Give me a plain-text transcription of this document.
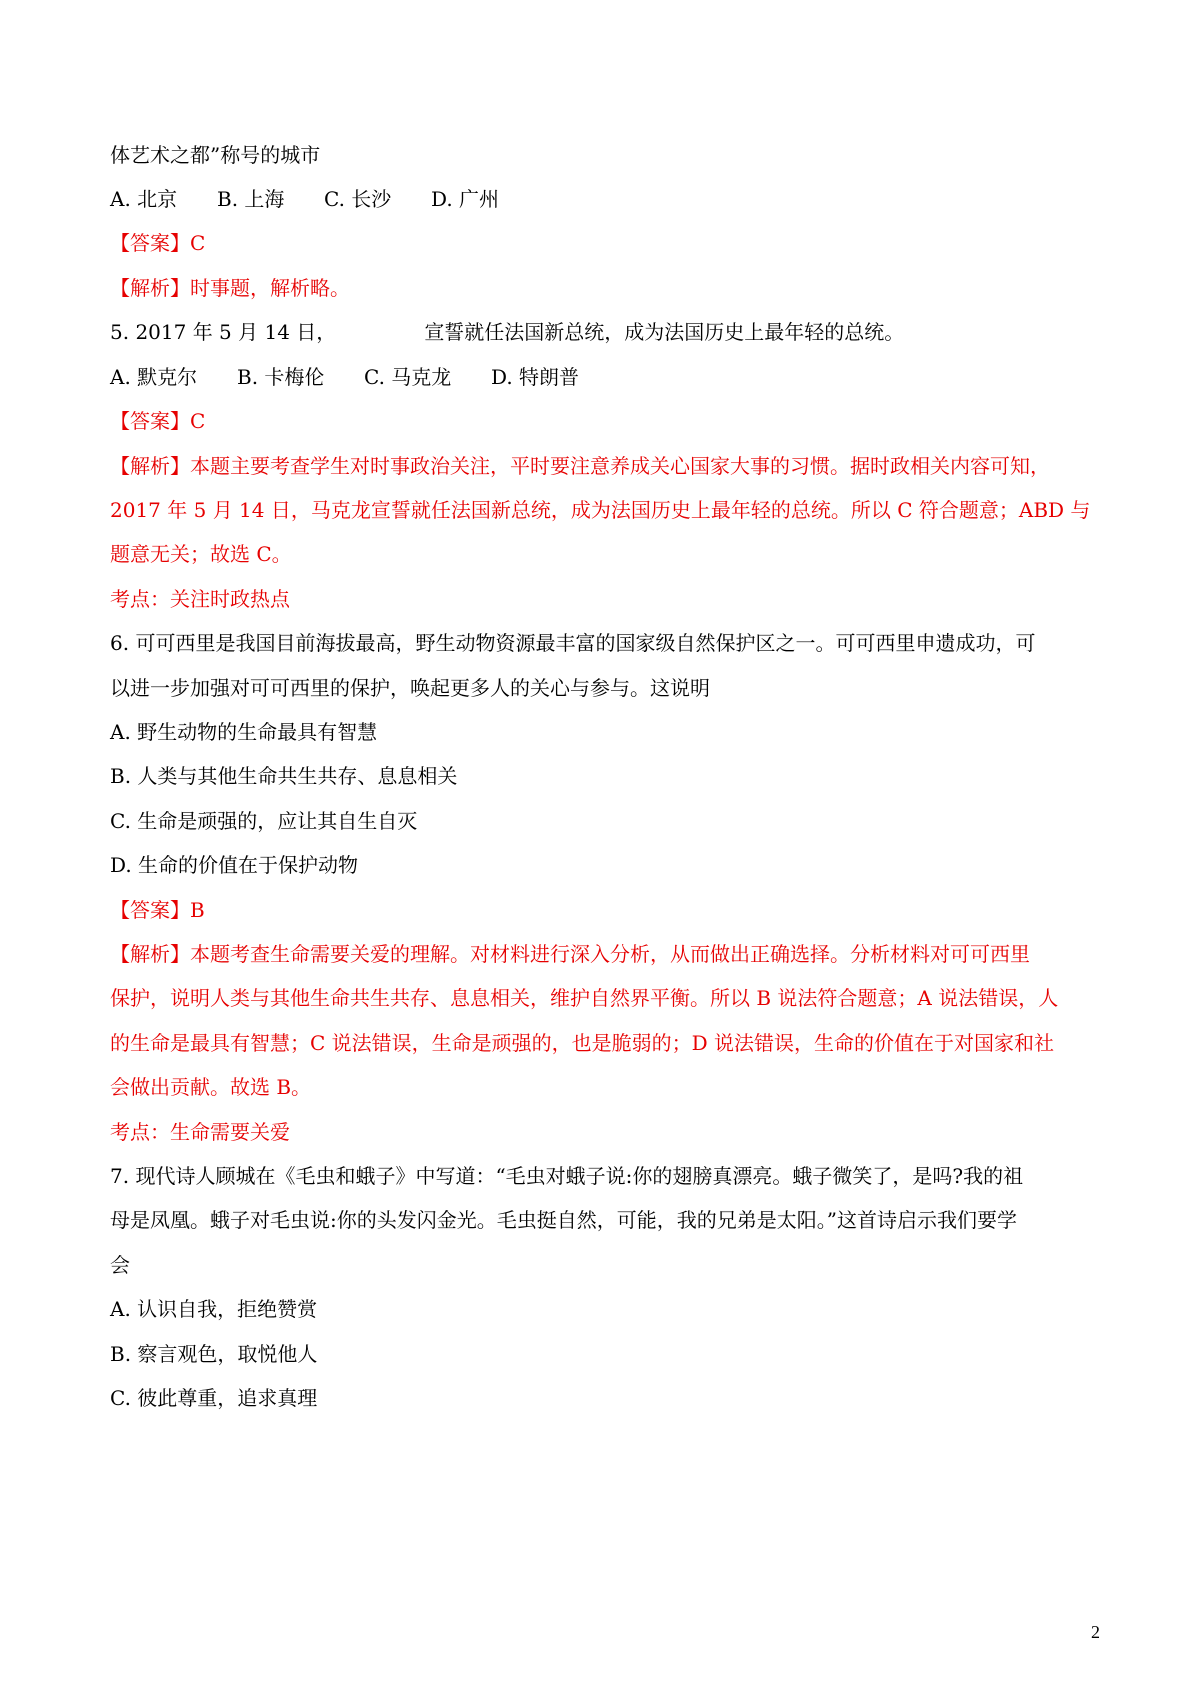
体艺术之都”称号的城市
A. 北京 B. 上海 C. 长沙 D. 广州
【答案】C
【解析】时事题，解析略。
5. 2017 年 5 月 14 日，	宣誓就任法国新总统，成为法国历史上最年轻的总统。
A. 默克尔 B. 卡梅伦 C. 马克龙 D. 特朗普
【答案】C
【解析】本题主要考查学生对时事政治关注，平时要注意养成关心国家大事的习惯。据时政相关内容可知，
2017 年 5 月 14 日，马克龙宣誓就任法国新总统，成为法国历史上最年轻的总统。所以 C 符合题意；ABD 与
题意无关；故选 C。
考点：关注时政热点
6. 可可西里是我国目前海拔最高，野生动物资源最丰富的国家级自然保护区之一。可可西里申遗成功，可
以进一步加强对可可西里的保护，唤起更多人的关心与参与。这说明
A. 野生动物的生命最具有智慧
B. 人类与其他生命共生共存、息息相关
C. 生命是顽强的，应让其自生自灭
D. 生命的价值在于保护动物
【答案】B
【解析】本题考查生命需要关爱的理解。对材料进行深入分析，从而做出正确选择。分析材料对可可西里
保护，说明人类与其他生命共生共存、息息相关，维护自然界平衡。所以 B 说法符合题意；A 说法错误，人
的生命是最具有智慧；C 说法错误，生命是顽强的，也是脆弱的；D 说法错误，生命的价值在于对国家和社
会做出贡献。故选 B。
考点：生命需要关爱
7. 现代诗人顾城在《毛虫和蛾子》中写道：“毛虫对蛾子说:你的翅膀真漂亮。蛾子微笑了，是吗?我的祖
母是凤凰。蛾子对毛虫说:你的头发闪金光。毛虫挺自然，可能，我的兄弟是太阳。”这首诗启示我们要学
会
A. 认识自我，拒绝赞赏
B. 察言观色，取悦他人
C. 彼此尊重，追求真理
2
